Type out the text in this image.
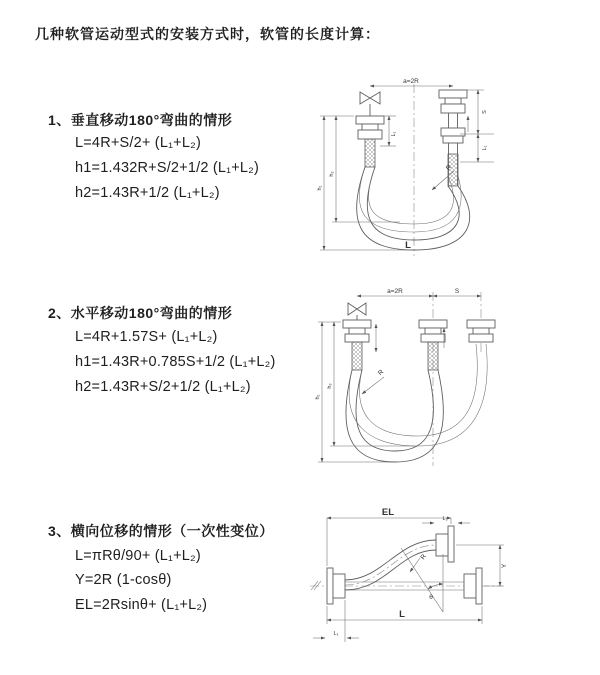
几种软管运动型式的安装方式时，软管的长度计算：
1、垂直移动180°弯曲的情形
L=4R+S/2+ (L₁+L₂)
h1=1.432R+S/2+1/2 (L₁+L₂)
h2=1.43R+1/2 (L₁+L₂)
2、水平移动180°弯曲的情形
L=4R+1.57S+ (L₁+L₂)
h1=1.43R+0.785S+1/2 (L₁+L₂)
h2=1.43R+S/2+1/2 (L₁+L₂)
3、横向位移的情形（一次性变位）
L=πRθ/90+ (L₁+L₂)
Y=2R (1-cosθ)
EL=2Rsinθ+ (L₁+L₂)
a=2R
L₁
h₁
h₂
R
S
L₁
L
a=2R	S
h₁
h₂
R
θ
R
EL
L₁
Y
L
L₁
